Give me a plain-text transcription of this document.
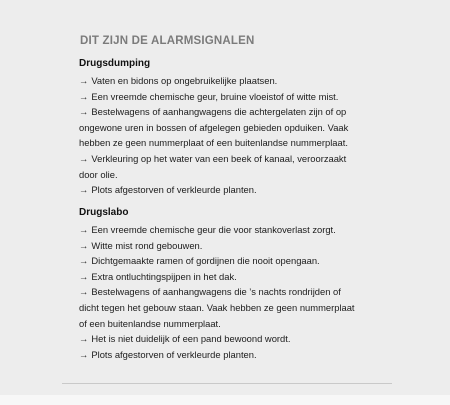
DIT ZIJN DE ALARMSIGNALEN
Drugsdumping
→ Vaten en bidons op ongebruikelijke plaatsen.
→ Een vreemde chemische geur, bruine vloeistof of witte mist.
→ Bestelwagens of aanhangwagens die achtergelaten zijn of op
ongewone uren in bossen of afgelegen gebieden opduiken. Vaak
hebben ze geen nummerplaat of een buitenlandse nummerplaat.
→ Verkleuring op het water van een beek of kanaal, veroorzaakt
door olie.
→ Plots afgestorven of verkleurde planten.
Drugslabo
→ Een vreemde chemische geur die voor stankoverlast zorgt.
→ Witte mist rond gebouwen.
→ Dichtgemaakte ramen of gordijnen die nooit opengaan.
→ Extra ontluchtingspijpen in het dak.
→ Bestelwagens of aanhangwagens die ’s nachts rondrijden of
dicht tegen het gebouw staan. Vaak hebben ze geen nummerplaat
of een buitenlandse nummerplaat.
→ Het is niet duidelijk of een pand bewoond wordt.
→ Plots afgestorven of verkleurde planten.
